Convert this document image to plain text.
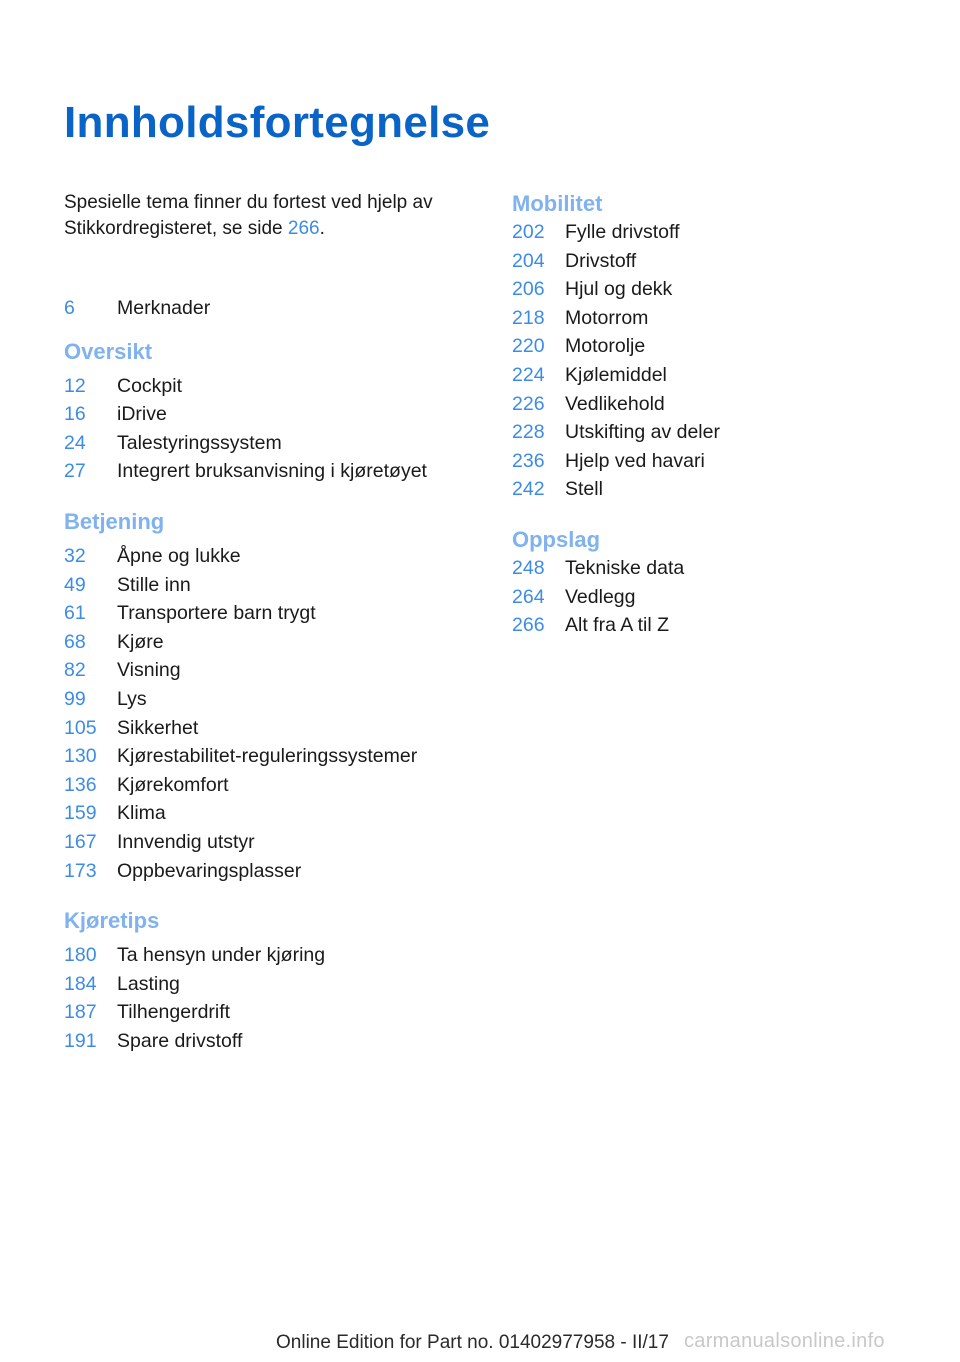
Innholdsfortegnelse
Spesielle tema finner du fortest ved hjelp av Stikkordregisteret, se side 266.
6	Merknader
Oversikt
12	Cockpit
16	iDrive
24	Talestyringssystem
27	Integrert bruksanvisning i kjøretøyet
Betjening
32	Åpne og lukke
49	Stille inn
61	Transportere barn trygt
68	Kjøre
82	Visning
99	Lys
105	Sikkerhet
130	Kjørestabilitet-reguleringssystemer
136	Kjørekomfort
159	Klima
167	Innvendig utstyr
173	Oppbevaringsplasser
Kjøretips
180	Ta hensyn under kjøring
184	Lasting
187	Tilhengerdrift
191	Spare drivstoff
Mobilitet
202	Fylle drivstoff
204	Drivstoff
206	Hjul og dekk
218	Motorrom
220	Motorolje
224	Kjølemiddel
226	Vedlikehold
228	Utskifting av deler
236	Hjelp ved havari
242	Stell
Oppslag
248	Tekniske data
264	Vedlegg
266	Alt fra A til Z
Online Edition for Part no. 01402977958 - II/17 carmanualsonline.info
